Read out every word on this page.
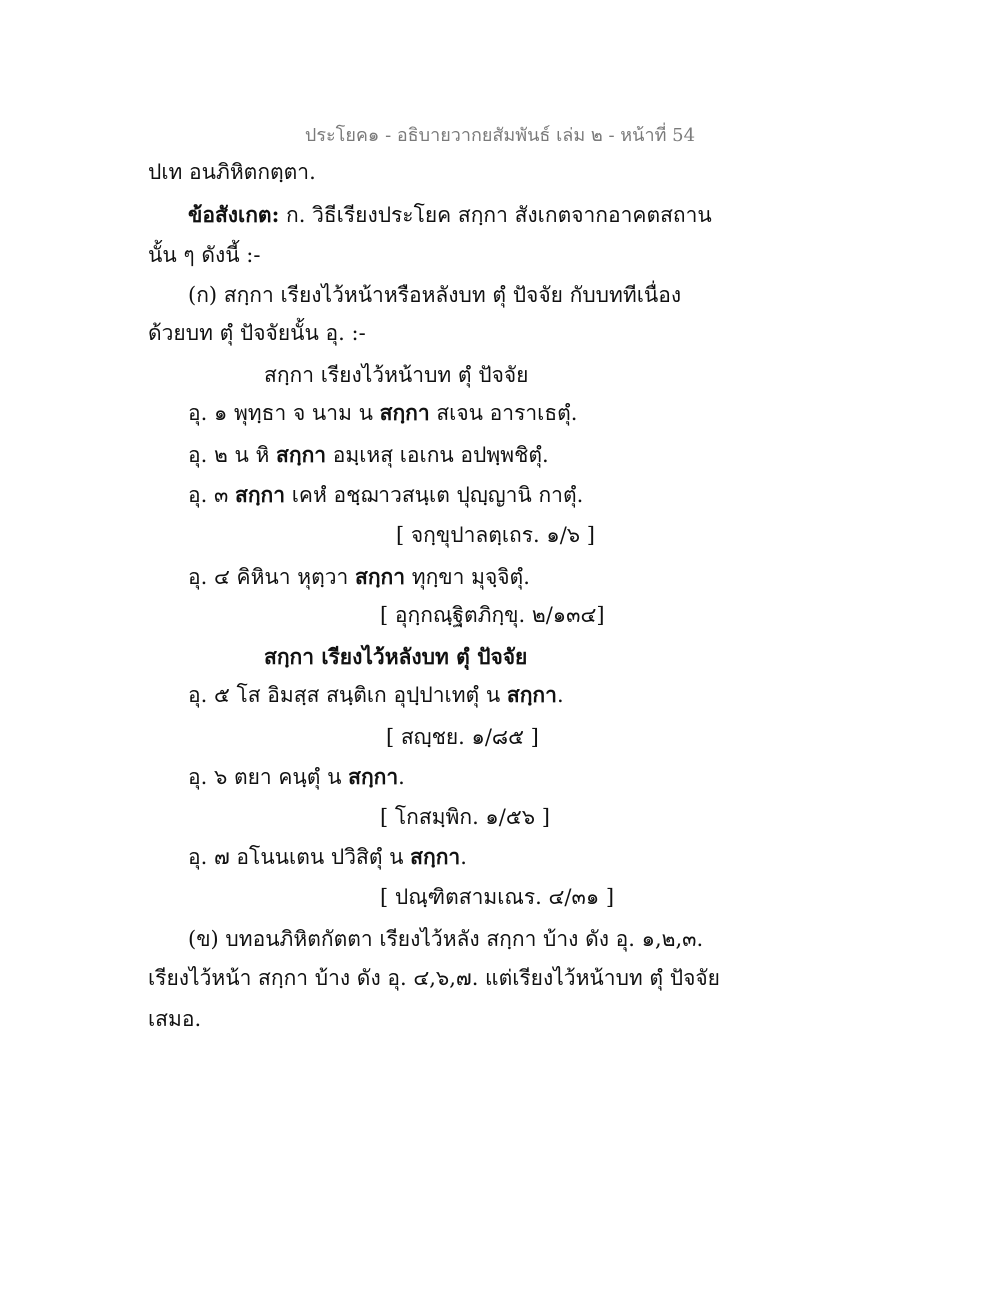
ประโยค๑ - อธิบายวากยสัมพันธ์ เล่ม ๒ - หน้าที่ 54
ปเท อนภิหิตกตฺตา.
ข้อสังเกต: ก. วิธีเรียงประโยค สกฺกา สังเกตจากอาคตสถาน
นั้น ๆ ดังนี้ :-
(ก) สกฺกา เรียงไว้หน้าหรือหลังบท ตุํ ปัจจัย กับบททีเนื่อง
ด้วยบท ตุํ ปัจจัยนั้น อุ. :-
สกฺกา เรียงไว้หน้าบท ตุํ ปัจจัย
อุ. ๑ พุทฺธา จ นาม น สกฺกา สเจน อาราเธตุํ.
อุ. ๒ น หิ สกฺกา อมฺเหสุ เอเกน อปพฺพชิตุํ.
อุ. ๓ สกฺกา เคหํ อชฺฌาวสนฺเต ปุญฺญานิ กาตุํ.
[ จกฺขุปาลตฺเถร. ๑/๖ ]
อุ. ๔ คิหินา หุตฺวา สกฺกา ทุกฺขา มุจฺจิตุํ.
[ อุกฺกณฺฐิตภิกฺขุ. ๒/๑๓๔]
สกฺกา เรียงไว้หลังบท ตุํ ปัจจัย
อุ. ๕ โส อิมสฺส สนฺติเก อุปฺปาเทตุํ น สกฺกา.
[ สญฺชย. ๑/๘๕ ]
อุ. ๖ ตยา คนฺตุํ น สกฺกา.
[ โกสมฺพิก. ๑/๕๖ ]
อุ. ๗ อโนนเตน ปวิสิตุํ น สกฺกา.
[ ปณฺฑิตสามเณร. ๔/๓๑ ]
(ข) บทอนภิหิตกัตตา เรียงไว้หลัง สกฺกา บ้าง ดัง อุ. ๑,๒,๓.
เรียงไว้หน้า สกฺกา บ้าง ดัง อุ. ๔,๖,๗. แต่เรียงไว้หน้าบท ตุํ ปัจจัย
เสมอ.
